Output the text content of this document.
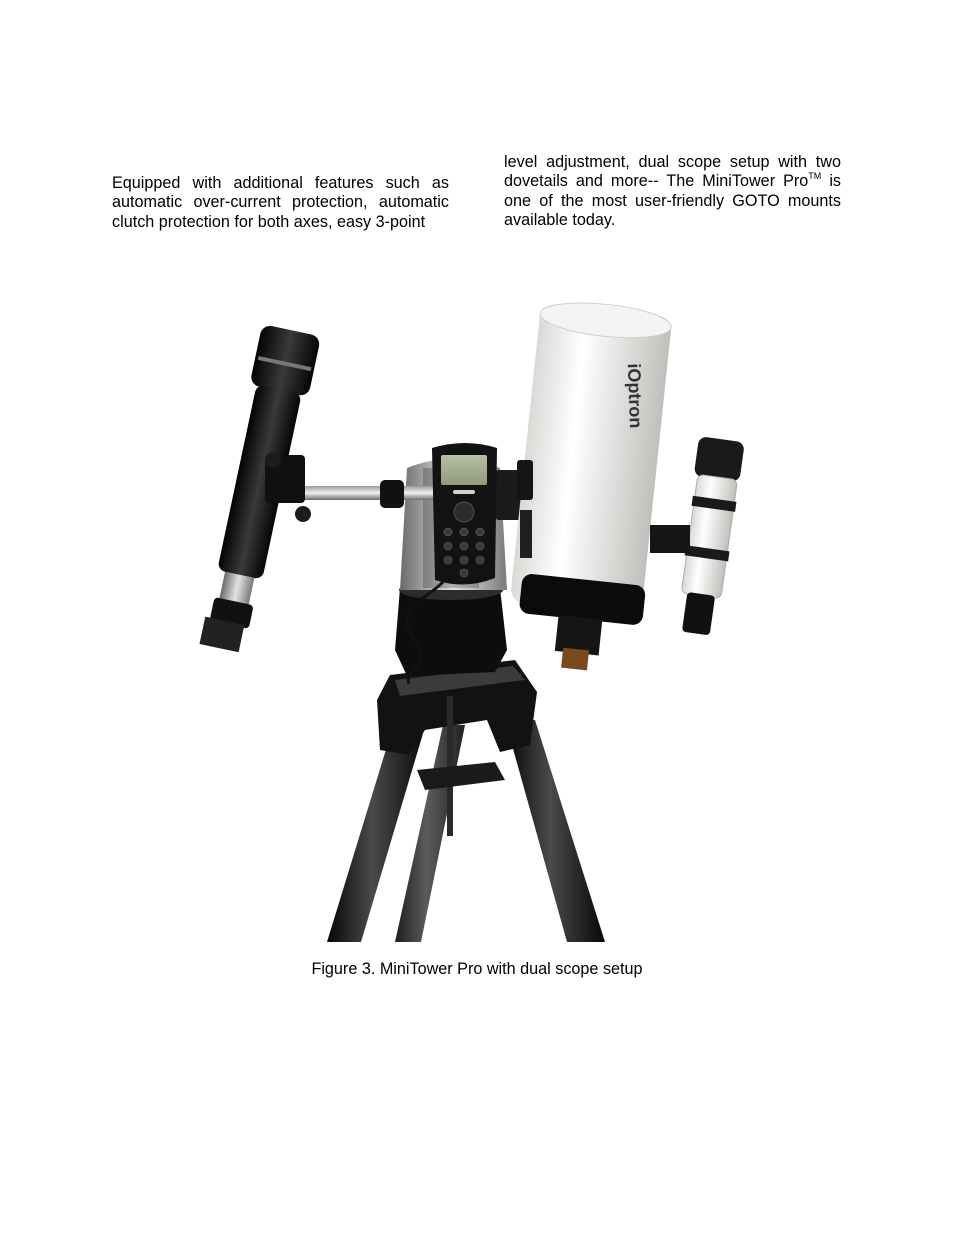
Equipped with additional features such as automatic over-current protection, automatic clutch protection for both axes, easy 3-point

level adjustment, dual scope setup with two dovetails and more-- The MiniTower Pro™ is one of the most user-friendly GOTO mounts available today.

iOptron
Figure 3. MiniTower Pro with dual scope setup
